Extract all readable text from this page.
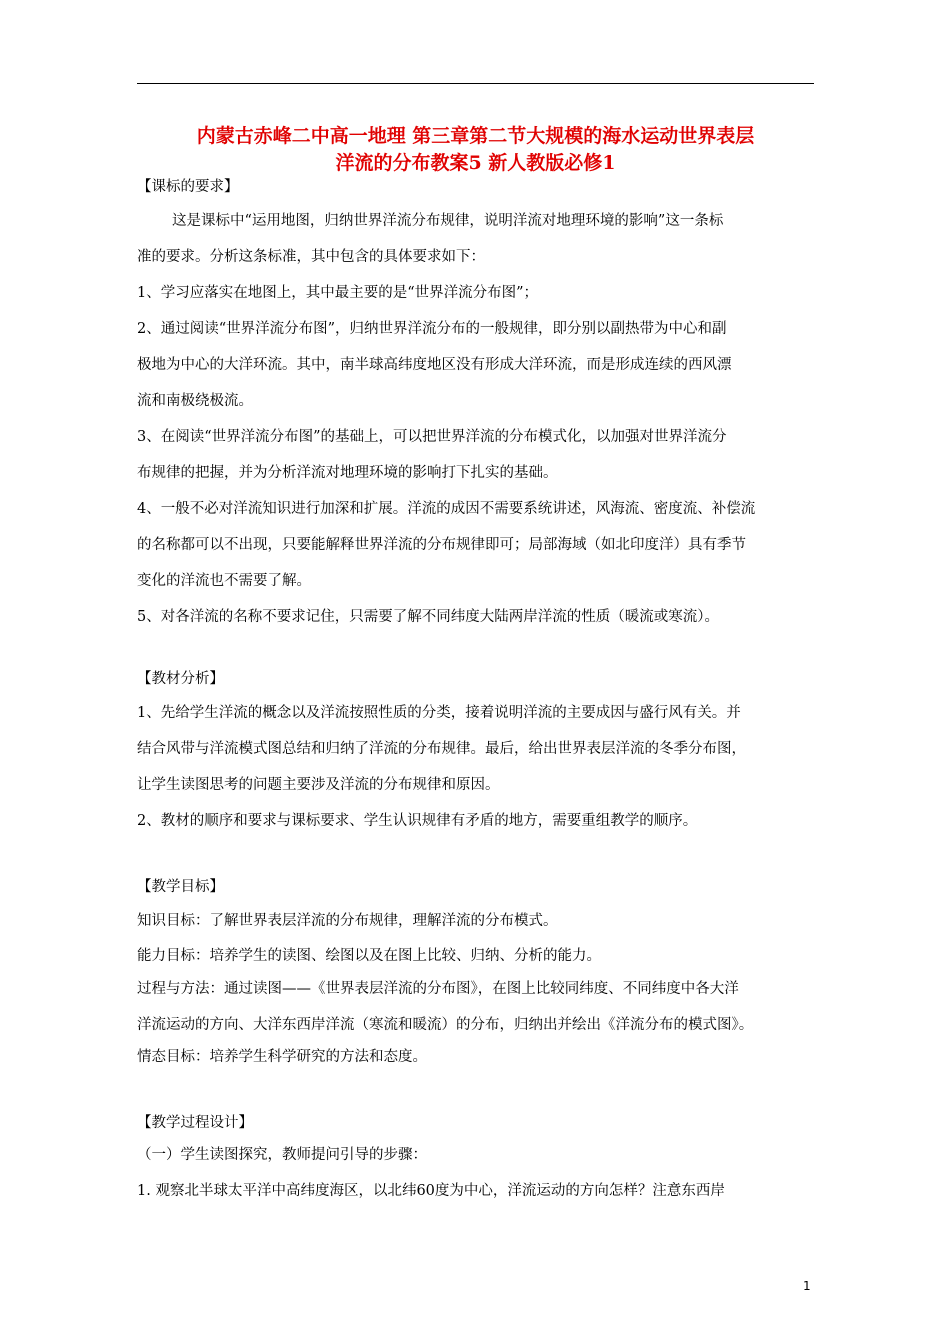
内蒙古赤峰二中高一地理 第三章第二节大规模的海水运动世界表层
洋流的分布教案5 新人教版必修1
【课标的要求】
这是课标中“运用地图，归纳世界洋流分布规律，说明洋流对地理环境的影响”这一条标
准的要求。分析这条标准，其中包含的具体要求如下：
1、学习应落实在地图上，其中最主要的是“世界洋流分布图”；
2、通过阅读“世界洋流分布图”，归纳世界洋流分布的一般规律，即分别以副热带为中心和副
极地为中心的大洋环流。其中，南半球高纬度地区没有形成大洋环流，而是形成连续的西风漂
流和南极绕极流。
3、在阅读“世界洋流分布图”的基础上，可以把世界洋流的分布模式化，以加强对世界洋流分
布规律的把握，并为分析洋流对地理环境的影响打下扎实的基础。
4、一般不必对洋流知识进行加深和扩展。洋流的成因不需要系统讲述，风海流、密度流、补偿流
的名称都可以不出现，只要能解释世界洋流的分布规律即可；局部海域（如北印度洋）具有季节
变化的洋流也不需要了解。
5、对各洋流的名称不要求记住，只需要了解不同纬度大陆两岸洋流的性质（暖流或寒流）。
【教材分析】
1、先给学生洋流的概念以及洋流按照性质的分类，接着说明洋流的主要成因与盛行风有关。并
结合风带与洋流模式图总结和归纳了洋流的分布规律。最后，给出世界表层洋流的冬季分布图，
让学生读图思考的问题主要涉及洋流的分布规律和原因。
2、教材的顺序和要求与课标要求、学生认识规律有矛盾的地方，需要重组教学的顺序。
【教学目标】
知识目标：了解世界表层洋流的分布规律，理解洋流的分布模式。
能力目标：培养学生的读图、绘图以及在图上比较、归纳、分析的能力。
过程与方法：通过读图——《世界表层洋流的分布图》，在图上比较同纬度、不同纬度中各大洋
洋流运动的方向、大洋东西岸洋流（寒流和暖流）的分布，归纳出并绘出《洋流分布的模式图》。
情态目标：培养学生科学研究的方法和态度。
【教学过程设计】
（一）学生读图探究，教师提问引导的步骤：
1. 观察北半球太平洋中高纬度海区，以北纬60度为中心，洋流运动的方向怎样？注意东西岸
1
